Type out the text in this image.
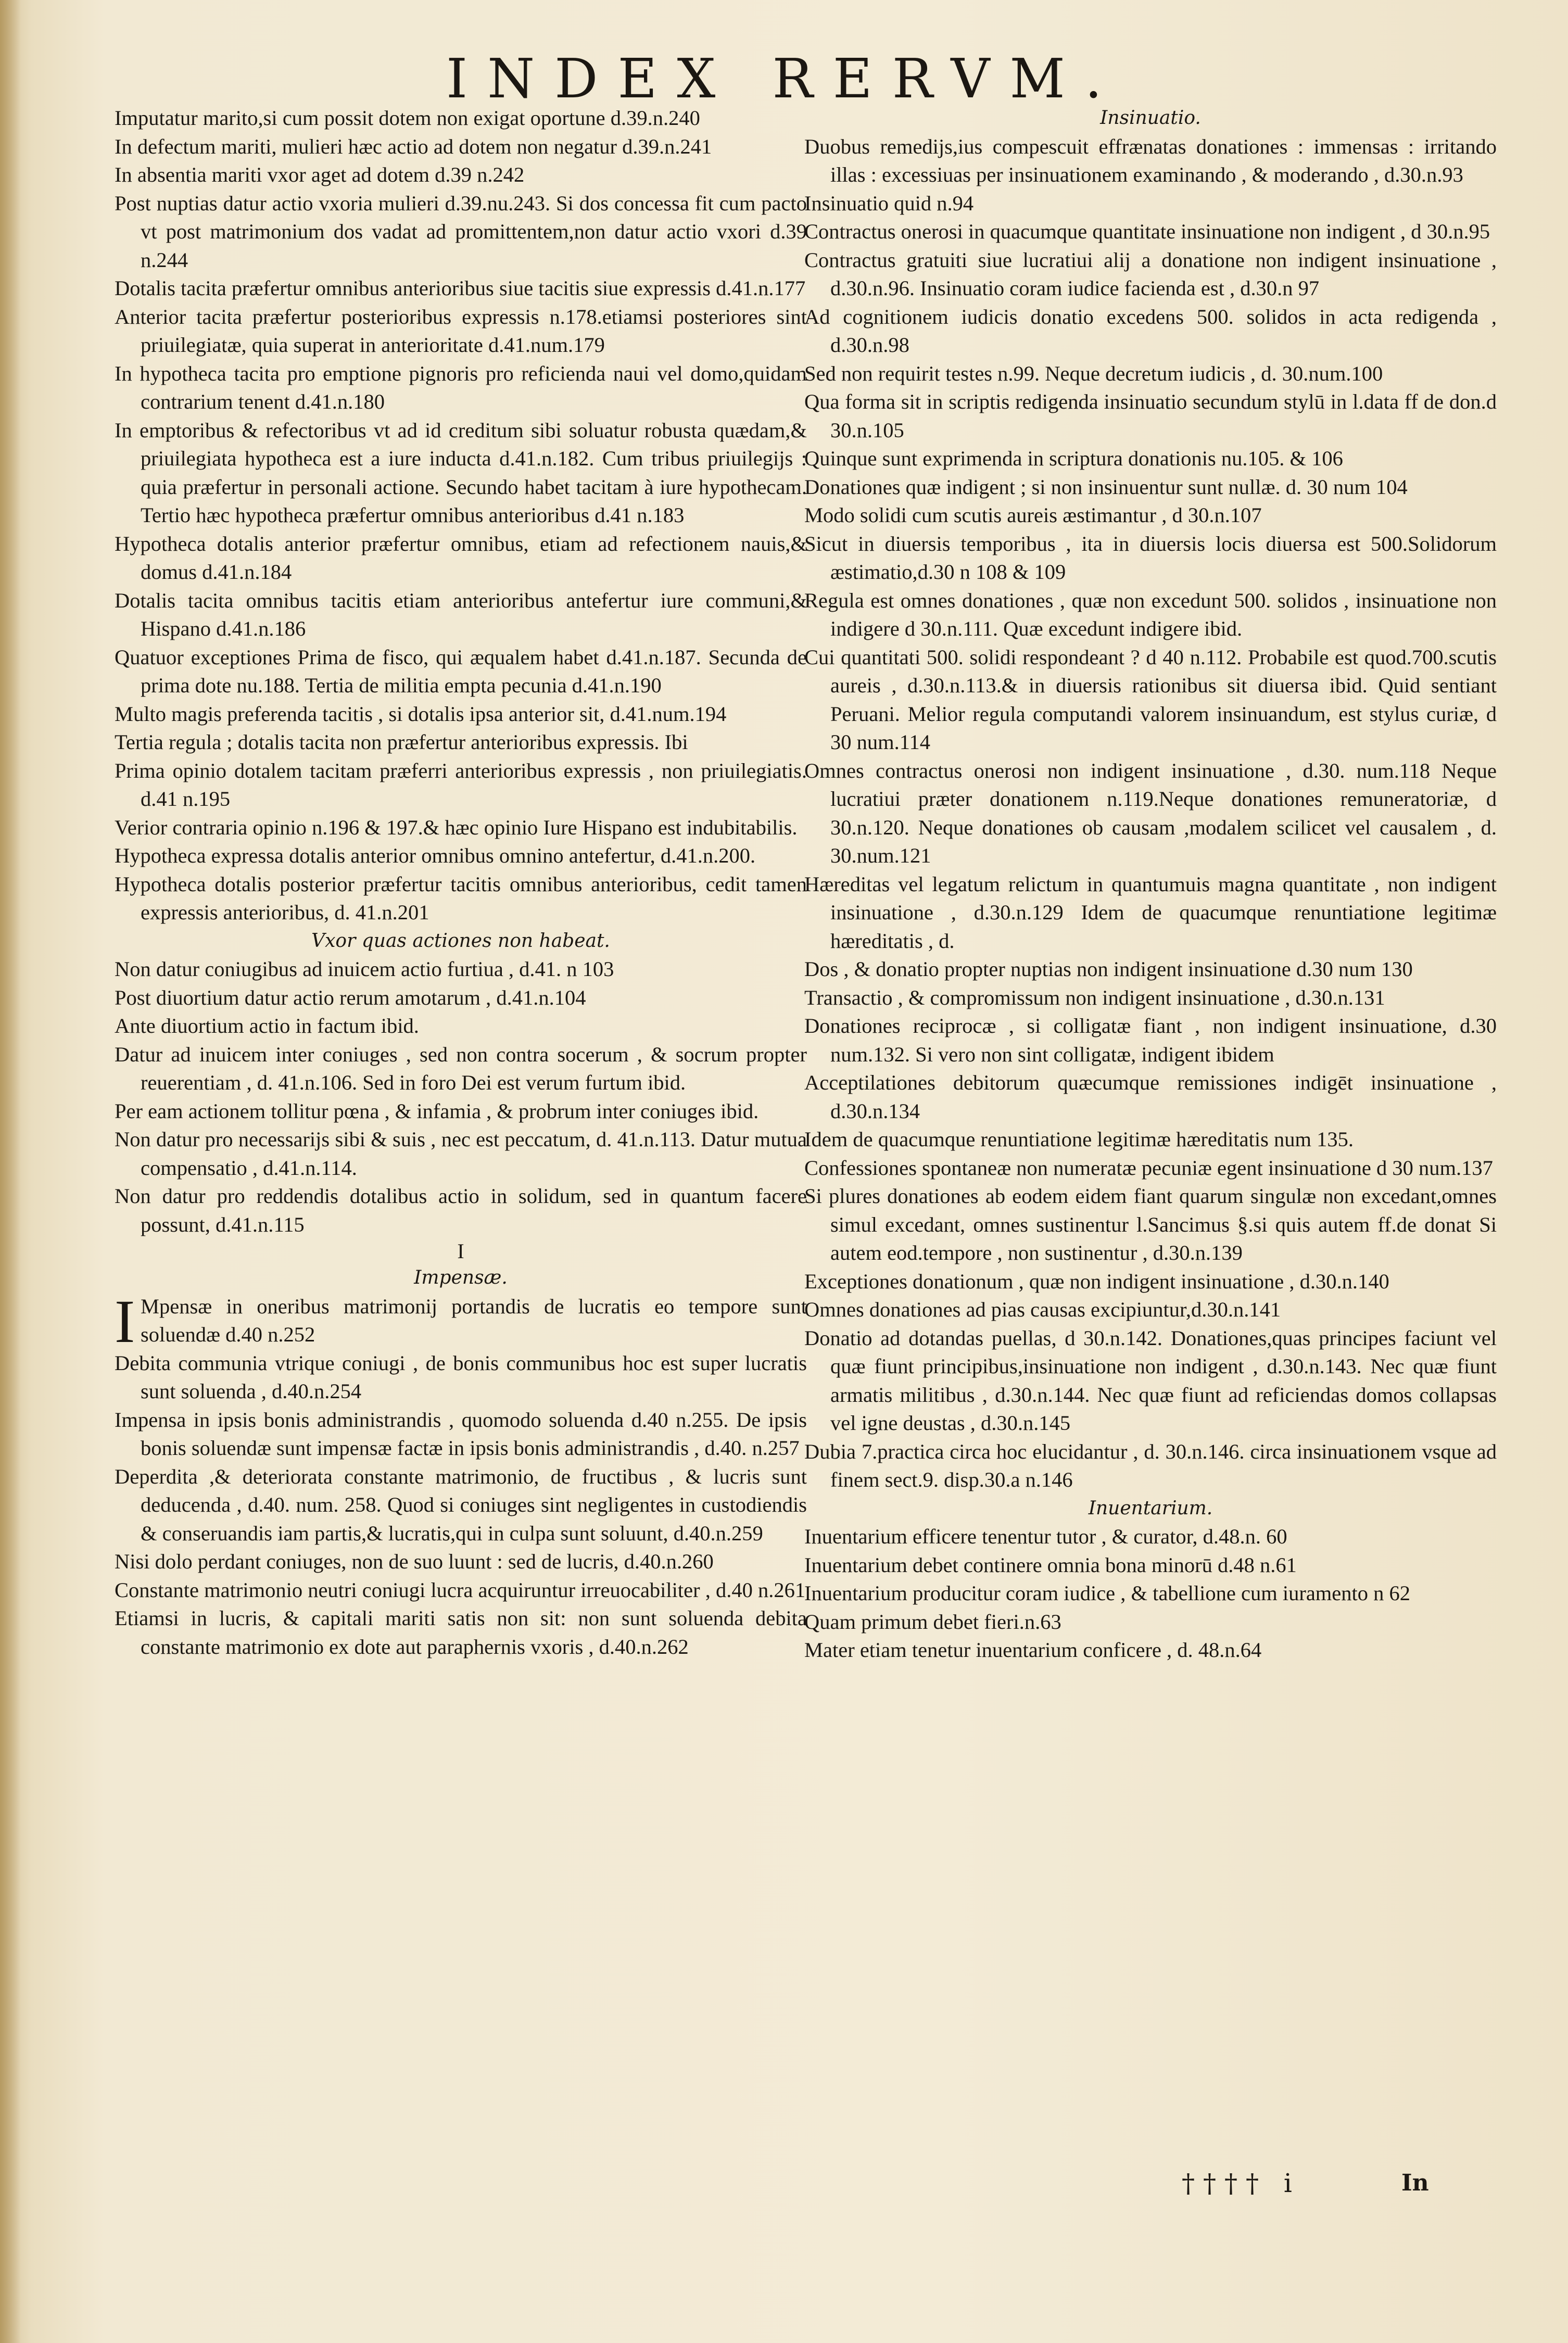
INDEX RERVM.

Imputatur marito,si cum possit dotem non exigat oportune d.39.n.240

In defectum mariti, mulieri hæc actio ad dotem non negatur d.39.n.241

In absentia mariti vxor aget ad dotem d.39 n.242

Post nuptias datur actio vxoria mulieri d.39.nu.243. Si dos concessa fit cum pacto vt post matrimonium dos vadat ad promittentem,non datur actio vxori d.39 n.244

Dotalis tacita præfertur omnibus anterioribus siue tacitis siue expressis d.41.n.177

Anterior tacita præfertur posterioribus expressis n.178.etiamsi posteriores sint priuilegiatæ, quia superat in anterioritate d.41.num.179

In hypotheca tacita pro emptione pignoris pro reficienda naui vel domo,quidam contrarium tenent d.41.n.180

In emptoribus & refectoribus vt ad id creditum sibi soluatur robusta quædam,& priuilegiata hypotheca est a iure inducta d.41.n.182. Cum tribus priuilegijs : quia præfertur in personali actione. Secundo habet tacitam à iure hypothecam. Tertio hæc hypotheca præfertur omnibus anterioribus d.41 n.183

Hypotheca dotalis anterior præfertur omnibus, etiam ad refectionem nauis,& domus d.41.n.184

Dotalis tacita omnibus tacitis etiam anterioribus antefertur iure communi,& Hispano d.41.n.186

Quatuor exceptiones Prima de fisco, qui æqualem habet d.41.n.187. Secunda de prima dote nu.188. Tertia de militia empta pecunia d.41.n.190

Multo magis preferenda tacitis , si dotalis ipsa anterior sit, d.41.num.194

Tertia regula ; dotalis tacita non præfertur anterioribus expressis. Ibi

Prima opinio dotalem tacitam præferri anterioribus expressis , non priuilegiatis. d.41 n.195

Verior contraria opinio n.196 & 197.& hæc opinio Iure Hispano est indubitabilis.

Hypotheca expressa dotalis anterior omnibus omnino antefertur, d.41.n.200.

Hypotheca dotalis posterior præfertur tacitis omnibus anterioribus, cedit tamen expressis anterioribus, d. 41.n.201

Vxor quas actiones non habeat.

Non datur coniugibus ad inuicem actio furtiua , d.41. n 103

Post diuortium datur actio rerum amotarum , d.41.n.104

Ante diuortium actio in factum ibid.

Datur ad inuicem inter coniuges , sed non contra socerum , & socrum propter reuerentiam , d. 41.n.106. Sed in foro Dei est verum furtum ibid.

Per eam actionem tollitur pœna , & infamia , & probrum inter coniuges ibid.

Non datur pro necessarijs sibi & suis , nec est peccatum, d. 41.n.113. Datur mutua compensatio , d.41.n.114.

Non datur pro reddendis dotalibus actio in solidum, sed in quantum facere possunt, d.41.n.115

I

Impensæ.

I Mpensæ in oneribus matrimonij portandis de lucratis eo tempore sunt soluendæ d.40 n.252

Debita communia vtrique coniugi , de bonis communibus hoc est super lucratis sunt soluenda , d.40.n.254

Impensa in ipsis bonis administrandis , quomodo soluenda d.40 n.255. De ipsis bonis soluendæ sunt impensæ factæ in ipsis bonis administrandis , d.40. n.257

Deperdita ,& deteriorata constante matrimonio, de fructibus , & lucris sunt deducenda , d.40. num. 258. Quod si coniuges sint negligentes in custodiendis & conseruandis iam partis,& lucratis,qui in culpa sunt soluunt, d.40.n.259

Nisi dolo perdant coniuges, non de suo luunt : sed de lucris, d.40.n.260

Constante matrimonio neutri coniugi lucra acquiruntur irreuocabiliter , d.40 n.261

Etiamsi in lucris, & capitali mariti satis non sit: non sunt soluenda debita constante matrimonio ex dote aut paraphernis vxoris , d.40.n.262

Insinuatio.

Duobus remedijs,ius compescuit effrænatas donationes : immensas : irritando illas : excessiuas per insinuationem examinando , & moderando , d.30.n.93

Insinuatio quid n.94

Contractus onerosi in quacumque quantitate insinuatione non indigent , d 30.n.95

Contractus gratuiti siue lucratiui alij a donatione non indigent insinuatione , d.30.n.96. Insinuatio coram iudice facienda est , d.30.n 97

Ad cognitionem iudicis donatio excedens 500. solidos in acta redigenda , d.30.n.98

Sed non requirit testes n.99. Neque decretum iudicis , d. 30.num.100

Qua forma sit in scriptis redigenda insinuatio secundum stylū in l.data ff de don.d 30.n.105

Quinque sunt exprimenda in scriptura donationis nu.105. & 106

Donationes quæ indigent ; si non insinuentur sunt nullæ. d. 30 num 104

Modo solidi cum scutis aureis æstimantur , d 30.n.107

Sicut in diuersis temporibus , ita in diuersis locis diuersa est 500.Solidorum æstimatio,d.30 n 108 & 109

Regula est omnes donationes , quæ non excedunt 500. solidos , insinuatione non indigere d 30.n.111. Quæ excedunt indigere ibid.

Cui quantitati 500. solidi respondeant ? d 40 n.112. Probabile est quod.700.scutis aureis , d.30.n.113.& in diuersis rationibus sit diuersa ibid. Quid sentiant Peruani. Melior regula computandi valorem insinuandum, est stylus curiæ, d 30 num.114

Omnes contractus onerosi non indigent insinuatione , d.30. num.118 Neque lucratiui præter donationem n.119.Neque donationes remuneratoriæ, d 30.n.120. Neque donationes ob causam ,modalem scilicet vel causalem , d. 30.num.121

Hæreditas vel legatum relictum in quantumuis magna quantitate , non indigent insinuatione , d.30.n.129 Idem de quacumque renuntiatione legitimæ hæreditatis , d.

Dos , & donatio propter nuptias non indigent insinuatione d.30 num 130

Transactio , & compromissum non indigent insinuatione , d.30.n.131

Donationes reciprocæ , si colligatæ fiant , non indigent insinuatione, d.30 num.132. Si vero non sint colligatæ, indigent ibidem

Acceptilationes debitorum quæcumque remissiones indigēt insinuatione , d.30.n.134

Idem de quacumque renuntiatione legitimæ hæreditatis num 135.

Confessiones spontaneæ non numeratæ pecuniæ egent insinuatione d 30 num.137

Si plures donationes ab eodem eidem fiant quarum singulæ non excedant,omnes simul excedant, omnes sustinentur l.Sancimus §.si quis autem ff.de donat Si autem eod.tempore , non sustinentur , d.30.n.139

Exceptiones donationum , quæ non indigent insinuatione , d.30.n.140

Omnes donationes ad pias causas excipiuntur,d.30.n.141

Donatio ad dotandas puellas, d 30.n.142. Donationes,quas principes faciunt vel quæ fiunt principibus,insinuatione non indigent , d.30.n.143. Nec quæ fiunt armatis militibus , d.30.n.144. Nec quæ fiunt ad reficiendas domos collapsas vel igne deustas , d.30.n.145

Dubia 7.practica circa hoc elucidantur , d. 30.n.146. circa insinuationem vsque ad finem sect.9. disp.30.a n.146

Inuentarium.

Inuentarium efficere tenentur tutor , & curator, d.48.n. 60

Inuentarium debet continere omnia bona minorū d.48 n.61

Inuentarium producitur coram iudice , & tabellione cum iuramento n 62

Quam primum debet fieri.n.63

Mater etiam tenetur inuentarium conficere , d. 48.n.64

†††† i	In
